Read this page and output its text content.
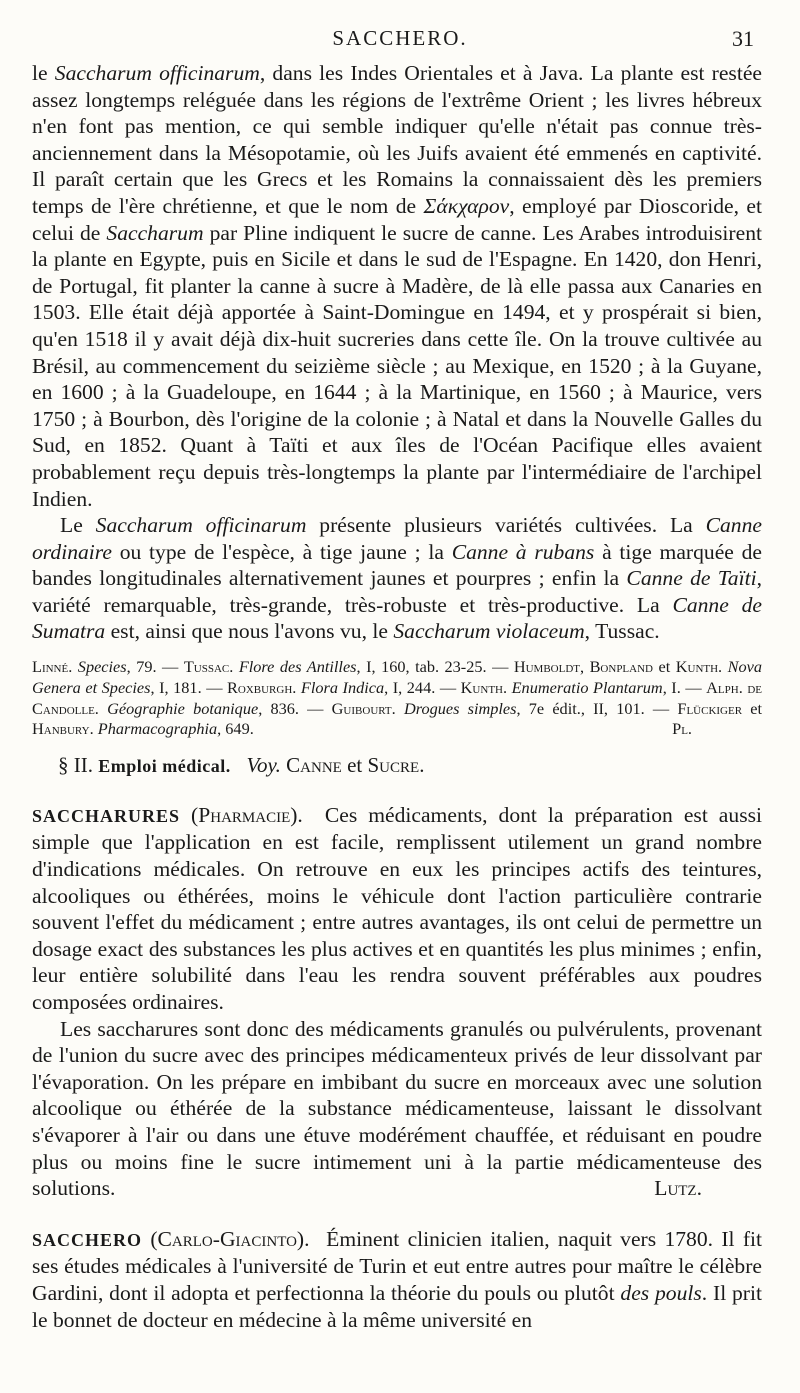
SACCHERO.	31

le Saccharum officinarum, dans les Indes Orientales et à Java. La plante est restée assez longtemps reléguée dans les régions de l'extrême Orient ; les livres hébreux n'en font pas mention, ce qui semble indiquer qu'elle n'était pas connue très-anciennement dans la Mésopotamie, où les Juifs avaient été emmenés en captivité. Il paraît certain que les Grecs et les Romains la connaissaient dès les premiers temps de l'ère chrétienne, et que le nom de Σάκχαρον, employé par Dioscoride, et celui de Saccharum par Pline indiquent le sucre de canne. Les Arabes introduisirent la plante en Egypte, puis en Sicile et dans le sud de l'Espagne. En 1420, don Henri, de Portugal, fit planter la canne à sucre à Madère, de là elle passa aux Canaries en 1503. Elle était déjà apportée à Saint-Domingue en 1494, et y prospérait si bien, qu'en 1518 il y avait déjà dix-huit sucreries dans cette île. On la trouve cultivée au Brésil, au commencement du seizième siècle ; au Mexique, en 1520 ; à la Guyane, en 1600 ; à la Guadeloupe, en 1644 ; à la Martinique, en 1560 ; à Maurice, vers 1750 ; à Bourbon, dès l'origine de la colonie ; à Natal et dans la Nouvelle Galles du Sud, en 1852. Quant à Taïti et aux îles de l'Océan Pacifique elles avaient probablement reçu depuis très-longtemps la plante par l'intermédiaire de l'archipel Indien.

Le Saccharum officinarum présente plusieurs variétés cultivées. La Canne ordinaire ou type de l'espèce, à tige jaune ; la Canne à rubans à tige marquée de bandes longitudinales alternativement jaunes et pourpres ; enfin la Canne de Taïti, variété remarquable, très-grande, très-robuste et très-productive. La Canne de Sumatra est, ainsi que nous l'avons vu, le Saccharum violaceum, Tussac.

Linné. Species, 79. — Tussac. Flore des Antilles, I, 160, tab. 23-25. — Humboldt, Bonpland et Kunth. Nova Genera et Species, I, 181. — Roxburgh. Flora Indica, I, 244. — Kunth. Enumeratio Plantarum, I. — Alph. de Candolle. Géographie botanique, 836. — Guibourt. Drogues simples, 7e édit., II, 101. — Flückiger et Hanbury. Pharmacographia, 649.	Pl.

§ II. Emploi médical. Voy. Canne et Sucre.

SACCHARURES (Pharmacie). Ces médicaments, dont la préparation est aussi simple que l'application en est facile, remplissent utilement un grand nombre d'indications médicales. On retrouve en eux les principes actifs des teintures, alcooliques ou éthérées, moins le véhicule dont l'action particulière contrarie souvent l'effet du médicament ; entre autres avantages, ils ont celui de permettre un dosage exact des substances les plus actives et en quantités les plus minimes ; enfin, leur entière solubilité dans l'eau les rendra souvent préférables aux poudres composées ordinaires.

Les saccharures sont donc des médicaments granulés ou pulvérulents, provenant de l'union du sucre avec des principes médicamenteux privés de leur dissolvant par l'évaporation. On les prépare en imbibant du sucre en morceaux avec une solution alcoolique ou éthérée de la substance médicamenteuse, laissant le dissolvant s'évaporer à l'air ou dans une étuve modérément chauffée, et réduisant en poudre plus ou moins fine le sucre intimement uni à la partie médicamenteuse des solutions.	Lutz.

SACCHERO (Carlo-Giacinto). Éminent clinicien italien, naquit vers 1780. Il fit ses études médicales à l'université de Turin et eut entre autres pour maître le célèbre Gardini, dont il adopta et perfectionna la théorie du pouls ou plutôt des pouls. Il prit le bonnet de docteur en médecine à la même université en
